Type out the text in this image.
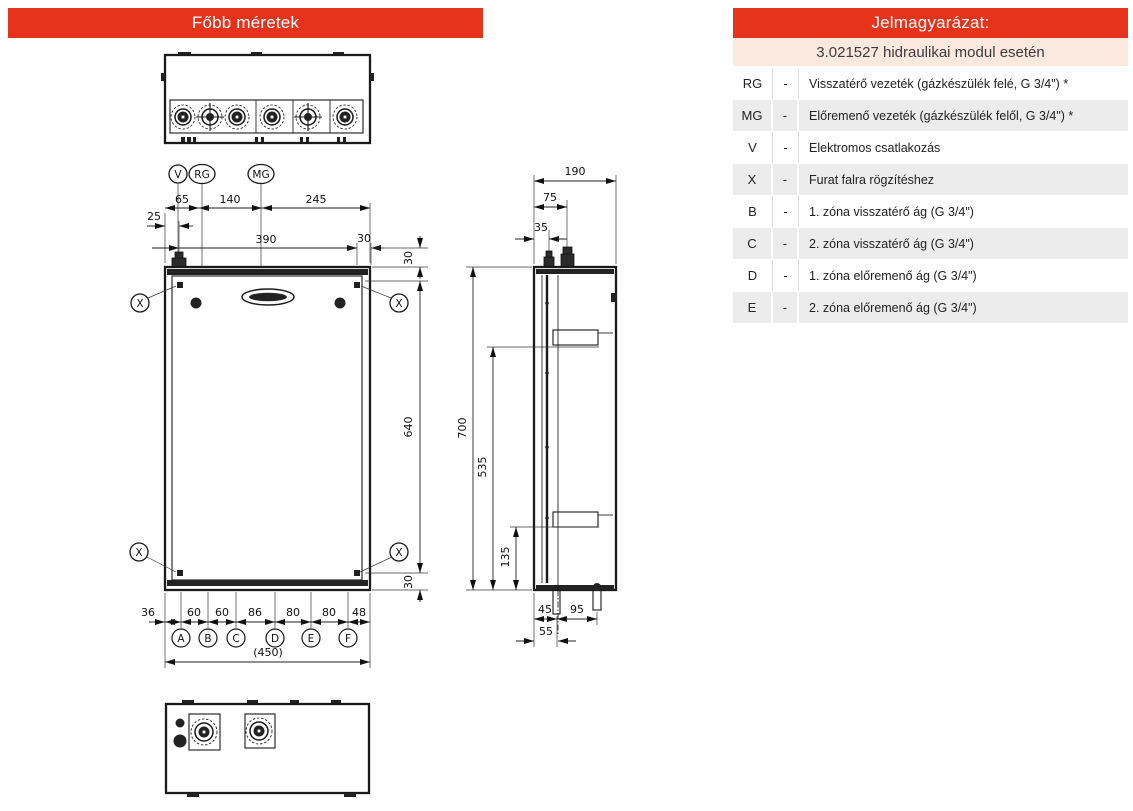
Főbb méretek
V RG	MG
65	140	245
25
390	30
X	X
X	X
30
640
30
36	60 60 86 80 80 48
A B C	D	E	F
(450)
190
75
35
700
535
135
45 95
55
Jelmagyarázat:
3.021527 hidraulikai modul esetén
RG	-	Visszatérő vezeték (gázkészülék felé, G 3/4") *
MG	-	Előremenő vezeték (gázkészülék felől, G 3/4") *
V	-	Elektromos csatlakozás
X	-	Furat falra rögzítéshez
B	-	1. zóna visszatérő ág (G 3/4")
C	-	2. zóna visszatérő ág (G 3/4")
D	-	1. zóna előremenő ág (G 3/4")
E	-	2. zóna előremenő ág (G 3/4")
